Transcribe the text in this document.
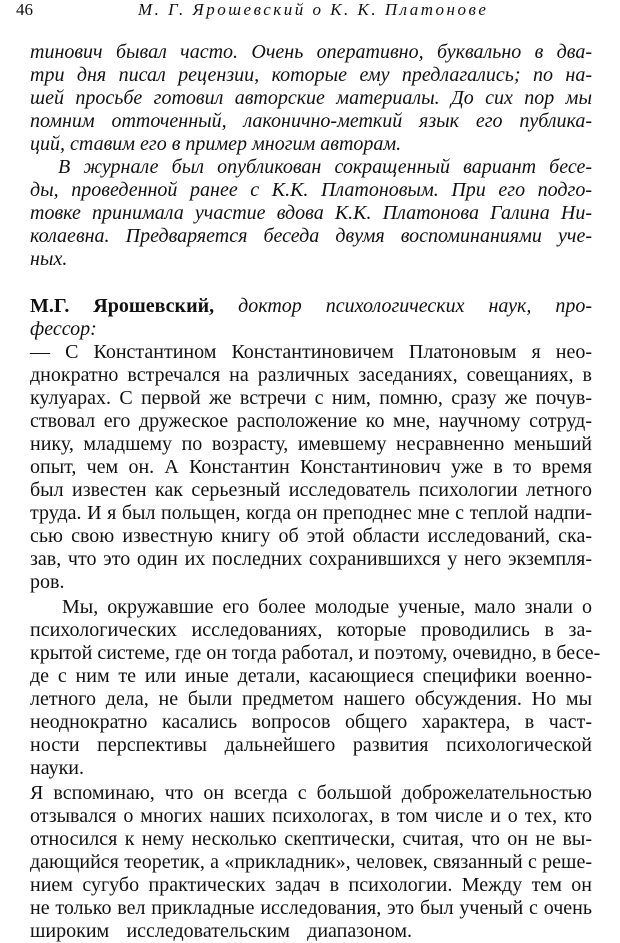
46	М. Г. Ярошевский о К. К. Платонове
тинович бывал часто. Очень оперативно, буквально в два-
три дня писал рецензии, которые ему предлагались; по на-
шей просьбе готовил авторские материалы. До сих пор мы
помним отточенный, лаконично-меткий язык его публика-
ций, ставим его в пример многим авторам.
В журнале был опубликован сокращенный вариант бесе-
ды, проведенной ранее с К.К. Платоновым. При его подго-
товке принимала участие вдова К.К. Платонова Галина Ни-
колаевна. Предваряется беседа двумя воспоминаниями уче-
ных.
М.Г. Ярошевский, доктор психологических наук, про-
фессор:
— С Константином Константиновичем Платоновым я нео-
днократно встречался на различных заседаниях, совещаниях, в
кулуарах. С первой же встречи с ним, помню, сразу же почув-
ствовал его дружеское расположение ко мне, научному сотруд-
нику, младшему по возрасту, имевшему несравненно меньший
опыт, чем он. А Константин Константинович уже в то время
был известен как серьезный исследователь психологии летного
труда. И я был польщен, когда он преподнес мне с теплой надпи-
сью свою известную книгу об этой области исследований, ска-
зав, что это один их последних сохранившихся у него экземпля-
ров.
Мы, окружавшие его более молодые ученые, мало знали о
психологических исследованиях, которые проводились в за-
крытой системе, где он тогда работал, и поэтому, очевидно, в бесе-
де с ним те или иные детали, касающиеся специфики военно-
летного дела, не были предметом нашего обсуждения. Но мы
неоднократно касались вопросов общего характера, в част-
ности перспективы дальнейшего развития психологической
науки.
Я вспоминаю, что он всегда с большой доброжелательностью
отзывался о многих наших психологах, в том числе и о тех, кто
относился к нему несколько скептически, считая, что он не вы-
дающийся теоретик, а «прикладник», человек, связанный с реше-
нием сугубо практических задач в психологии. Между тем он
не только вел прикладные исследования, это был ученый с очень
широким исследовательским диапазоном.
